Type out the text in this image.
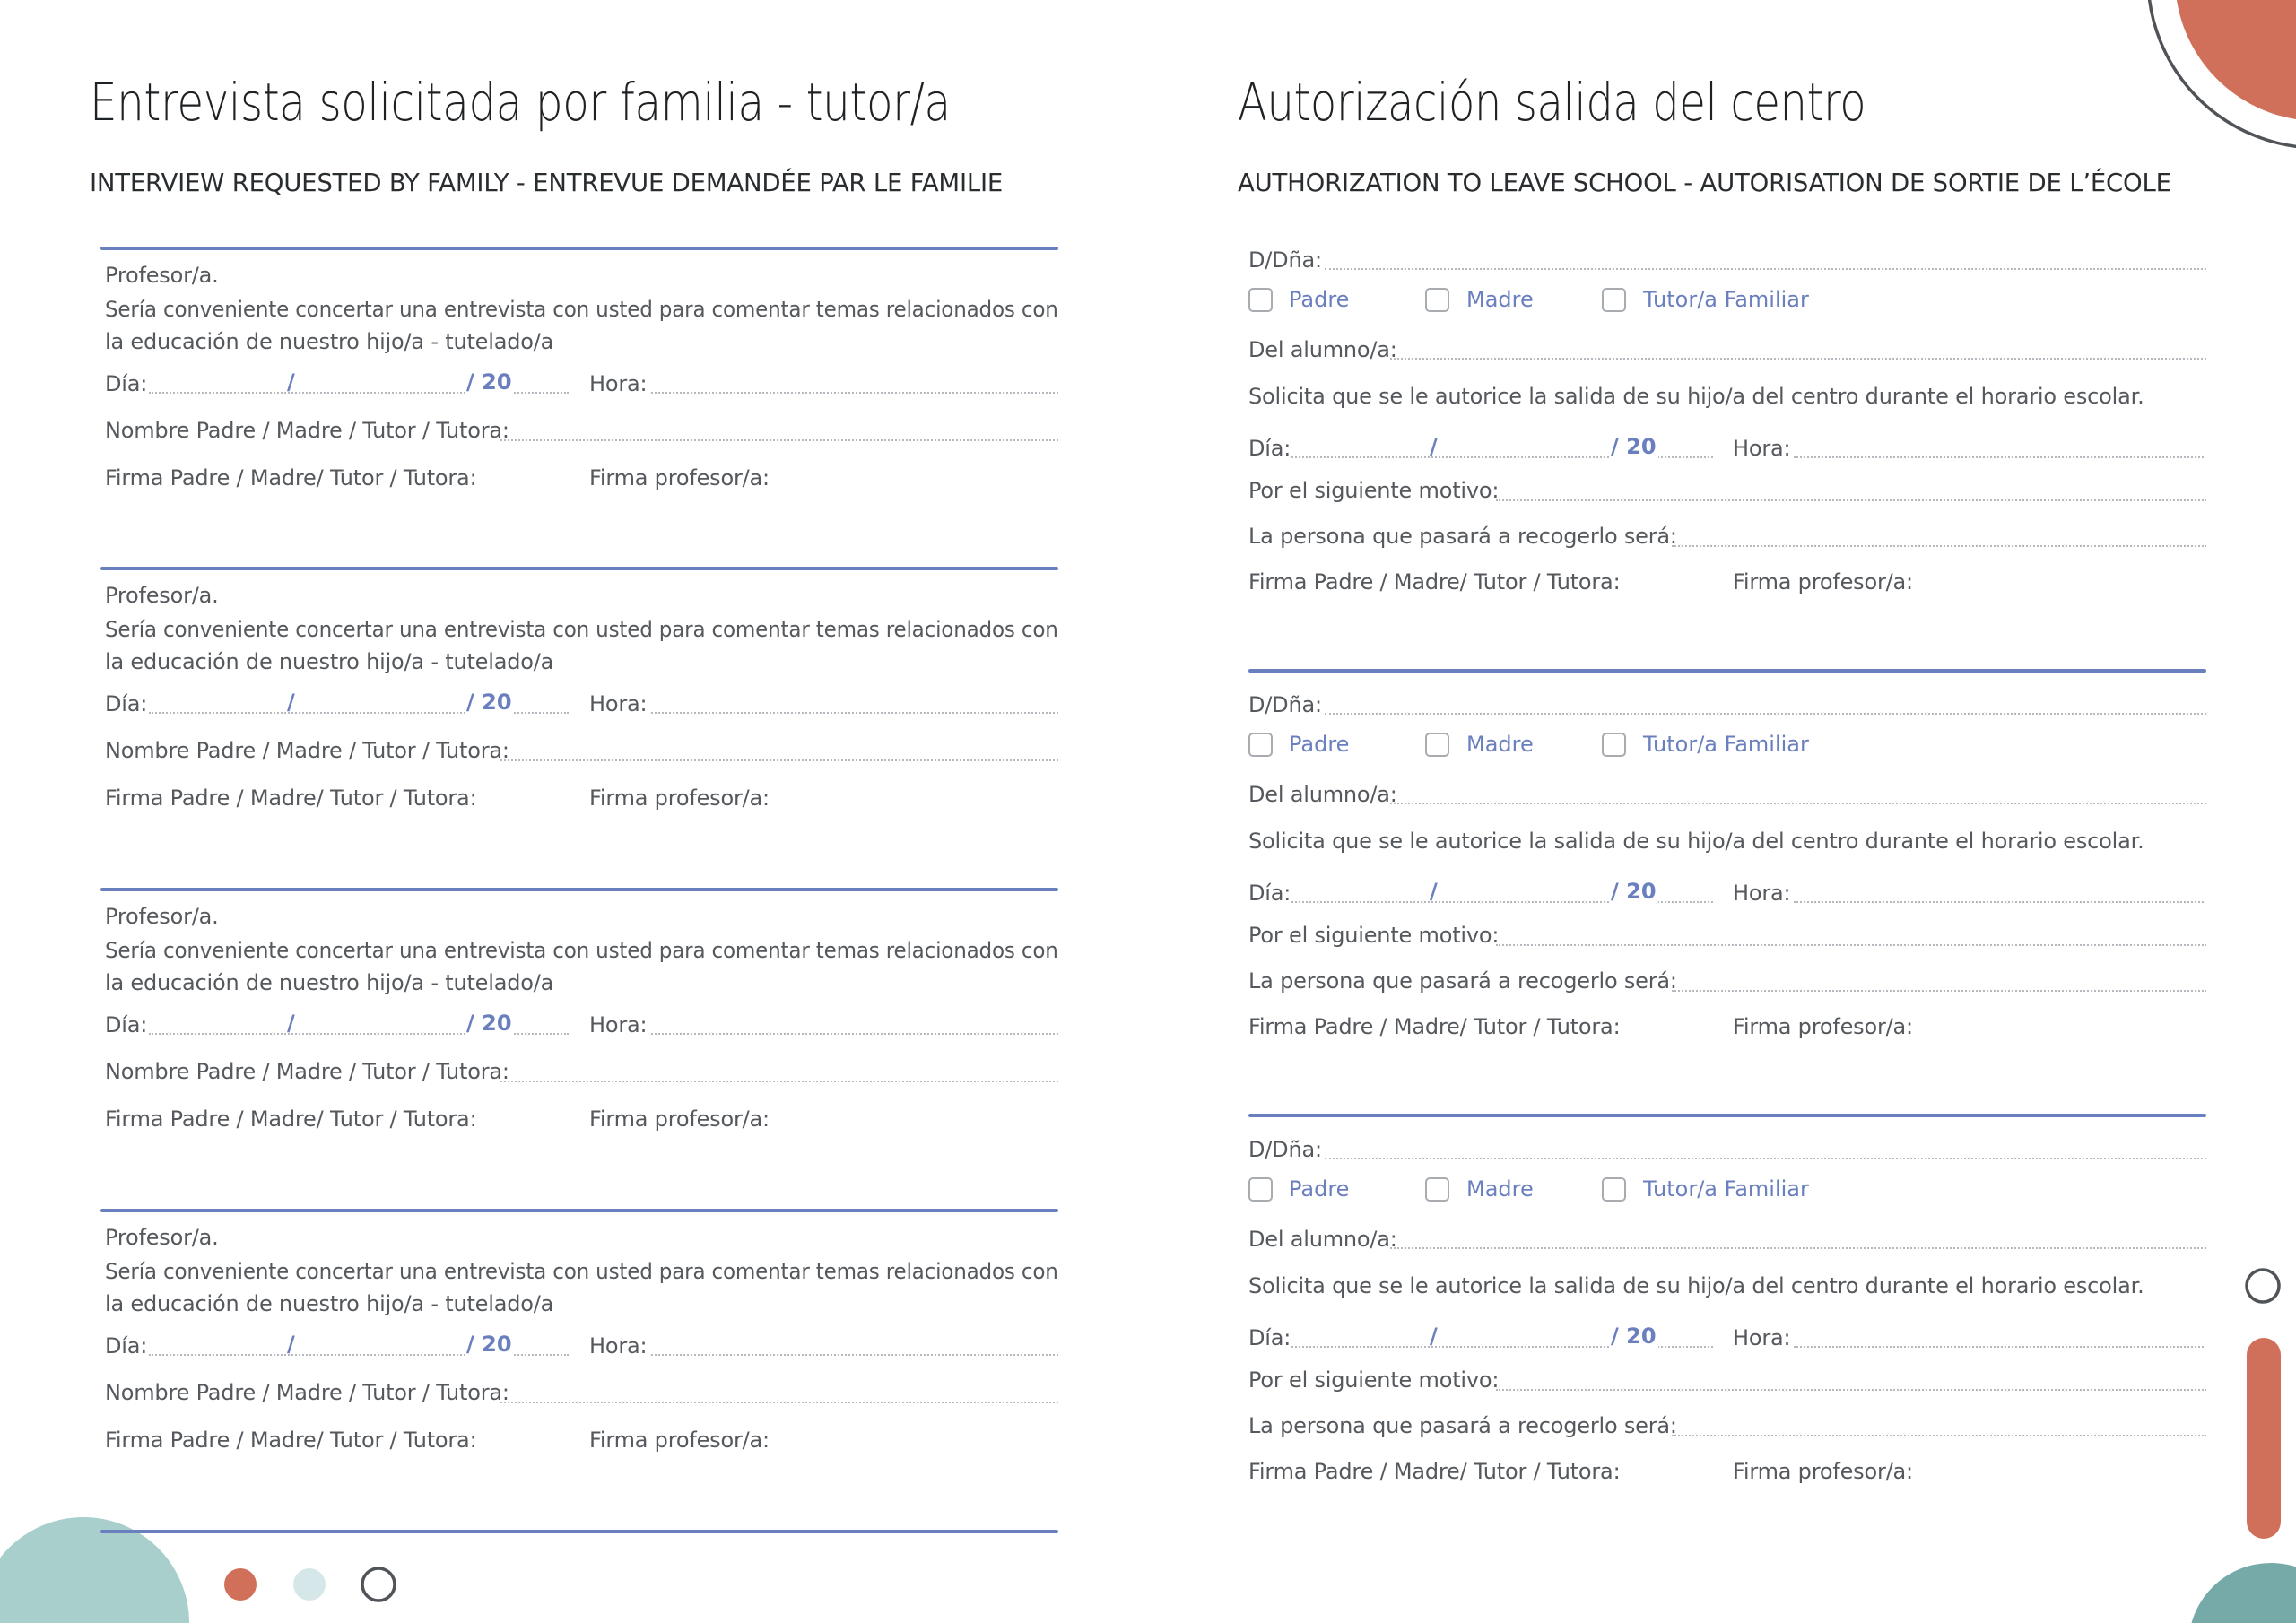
Entrevista solicitada por familia - tutor/a

INTERVIEW REQUESTED BY FAMILY - ENTREVUE DEMANDÉE PAR LE FAMILIE

Autorización salida del centro

AUTHORIZATION TO LEAVE SCHOOL - AUTORISATION DE SORTIE DE L’ÉCOLE

Profesor/a.
Sería conveniente concertar una entrevista con usted para comentar temas relacionados con
la educación de nuestro hijo/a - tutelado/a
Día:	/	/ 20	Hora:
Nombre Padre / Madre / Tutor / Tutora:
Firma Padre / Madre/ Tutor / Tutora:	Firma profesor/a:
Profesor/a.
Sería conveniente concertar una entrevista con usted para comentar temas relacionados con
la educación de nuestro hijo/a - tutelado/a
Día:	/	/ 20	Hora:
Nombre Padre / Madre / Tutor / Tutora:
Firma Padre / Madre/ Tutor / Tutora:	Firma profesor/a:
Profesor/a.
Sería conveniente concertar una entrevista con usted para comentar temas relacionados con
la educación de nuestro hijo/a - tutelado/a
Día:	/	/ 20	Hora:
Nombre Padre / Madre / Tutor / Tutora:
Firma Padre / Madre/ Tutor / Tutora:	Firma profesor/a:
Profesor/a.
Sería conveniente concertar una entrevista con usted para comentar temas relacionados con
la educación de nuestro hijo/a - tutelado/a
Día:	/	/ 20	Hora:
Nombre Padre / Madre / Tutor / Tutora:
Firma Padre / Madre/ Tutor / Tutora:	Firma profesor/a:
D/Dña:
Padre	Madre	Tutor/a Familiar
Del alumno/a:
Solicita que se le autorice la salida de su hijo/a del centro durante el horario escolar.
Día:	/	/ 20	Hora:
Por el siguiente motivo:
La persona que pasará a recogerlo será:
Firma Padre / Madre/ Tutor / Tutora:	Firma profesor/a:
D/Dña:
Padre	Madre	Tutor/a Familiar
Del alumno/a:
Solicita que se le autorice la salida de su hijo/a del centro durante el horario escolar.
Día:	/	/ 20	Hora:
Por el siguiente motivo:
La persona que pasará a recogerlo será:
Firma Padre / Madre/ Tutor / Tutora:	Firma profesor/a:
D/Dña:
Padre	Madre	Tutor/a Familiar
Del alumno/a:
Solicita que se le autorice la salida de su hijo/a del centro durante el horario escolar.
Día:	/	/ 20	Hora:
Por el siguiente motivo:
La persona que pasará a recogerlo será:
Firma Padre / Madre/ Tutor / Tutora:	Firma profesor/a:
